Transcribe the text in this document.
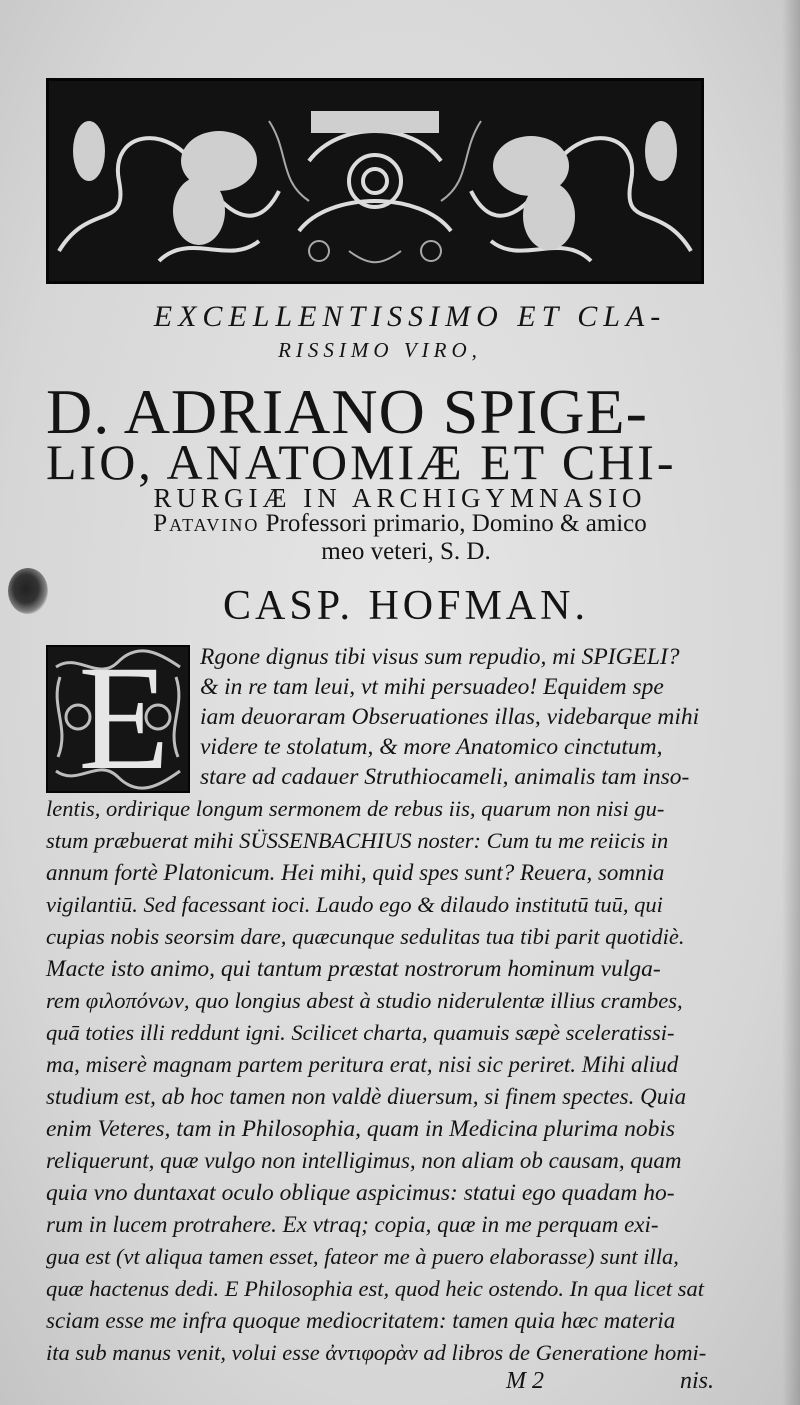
EXCELLENTISSIMO ET CLA-
RISSIMO VIRO,
D. ADRIANO SPIGE-
LIO, ANATOMIÆ ET CHI-
RURGIÆ IN ARCHIGYMNASIO
Patavino Professori primario, Domino & amico
meo veteri, S. D.
CASP. HOFMAN.
E Rgone dignus tibi visus sum repudio, mi SPIGELI?
& in re tam leui, vt mihi persuadeo! Equidem spe
iam deuoraram Obseruationes illas, videbarque mihi
videre te stolatum, & more Anatomico cinctutum,
stare ad cadauer Struthiocameli, animalis tam inso-
lentis, ordirique longum sermonem de rebus iis, quarum non nisi gu-
stum præbuerat mihi SÜSSENBACHIUS noster: Cum tu me reiicis in
annum fortè Platonicum. Hei mihi, quid spes sunt? Reuera, somnia
vigilantiū. Sed facessant ioci. Laudo ego & dilaudo institutū tuū, qui
cupias nobis seorsim dare, quæcunque sedulitas tua tibi parit quotidiè.
Macte isto animo, qui tantum præstat nostrorum hominum vulga-
rem φιλοπόνων, quo longius abest à studio niderulentæ illius crambes,
quā toties illi reddunt igni. Scilicet charta, quamuis sæpè sceleratissi-
ma, miserè magnam partem peritura erat, nisi sic periret. Mihi aliud
studium est, ab hoc tamen non valdè diuersum, si finem spectes. Quia
enim Veteres, tam in Philosophia, quam in Medicina plurima nobis
reliquerunt, quæ vulgo non intelligimus, non aliam ob causam, quam
quia vno duntaxat oculo oblique aspicimus: statui ego quadam ho-
rum in lucem protrahere. Ex vtraq; copia, quæ in me perquam exi-
gua est (vt aliqua tamen esset, fateor me à puero elaborasse) sunt illa,
quæ hactenus dedi. E Philosophia est, quod heic ostendo. In qua licet sat
sciam esse me infra quoque mediocritatem: tamen quia hæc materia
ita sub manus venit, volui esse ἀντιφορὰν ad libros de Generatione homi-
M 2	nis.
